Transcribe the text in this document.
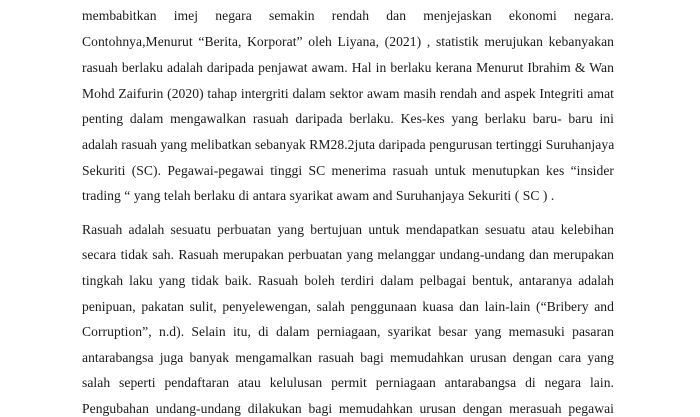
membabitkan imej negara semakin rendah dan menjejaskan ekonomi negara.
Contohnya,Menurut “Berita, Korporat” oleh Liyana, (2021) , statistik merujukan kebanyakan
rasuah berlaku adalah daripada penjawat awam. Hal in berlaku kerana Menurut Ibrahim & Wan
Mohd Zaifurin (2020) tahap intergriti dalam sektor awam masih rendah and aspek Integriti amat
penting dalam mengawalkan rasuah daripada berlaku. Kes-kes yang berlaku baru- baru ini
adalah rasuah yang melibatkan sebanyak RM28.2juta daripada pengurusan tertinggi Suruhanjaya
Sekuriti (SC). Pegawai-pegawai tinggi SC menerima rasuah untuk menutupkan kes “insider
trading “ yang telah berlaku di antara syarikat awam and Suruhanjaya Sekuriti ( SC ) .
Rasuah adalah sesuatu perbuatan yang bertujuan untuk mendapatkan sesuatu atau kelebihan
secara tidak sah. Rasuah merupakan perbuatan yang melanggar undang-undang dan merupakan
tingkah laku yang tidak baik. Rasuah boleh terdiri dalam pelbagai bentuk, antaranya adalah
penipuan, pakatan sulit, penyelewengan, salah penggunaan kuasa dan lain-lain (“Bribery and
Corruption”, n.d). Selain itu, di dalam perniagaan, syarikat besar yang memasuki pasaran
antarabangsa juga banyak mengamalkan rasuah bagi memudahkan urusan dengan cara yang
salah seperti pendaftaran atau kelulusan permit perniagaan antarabangsa di negara lain.
Pengubahan undang-undang dilakukan bagi memudahkan urusan dengan merasuah pegawai
